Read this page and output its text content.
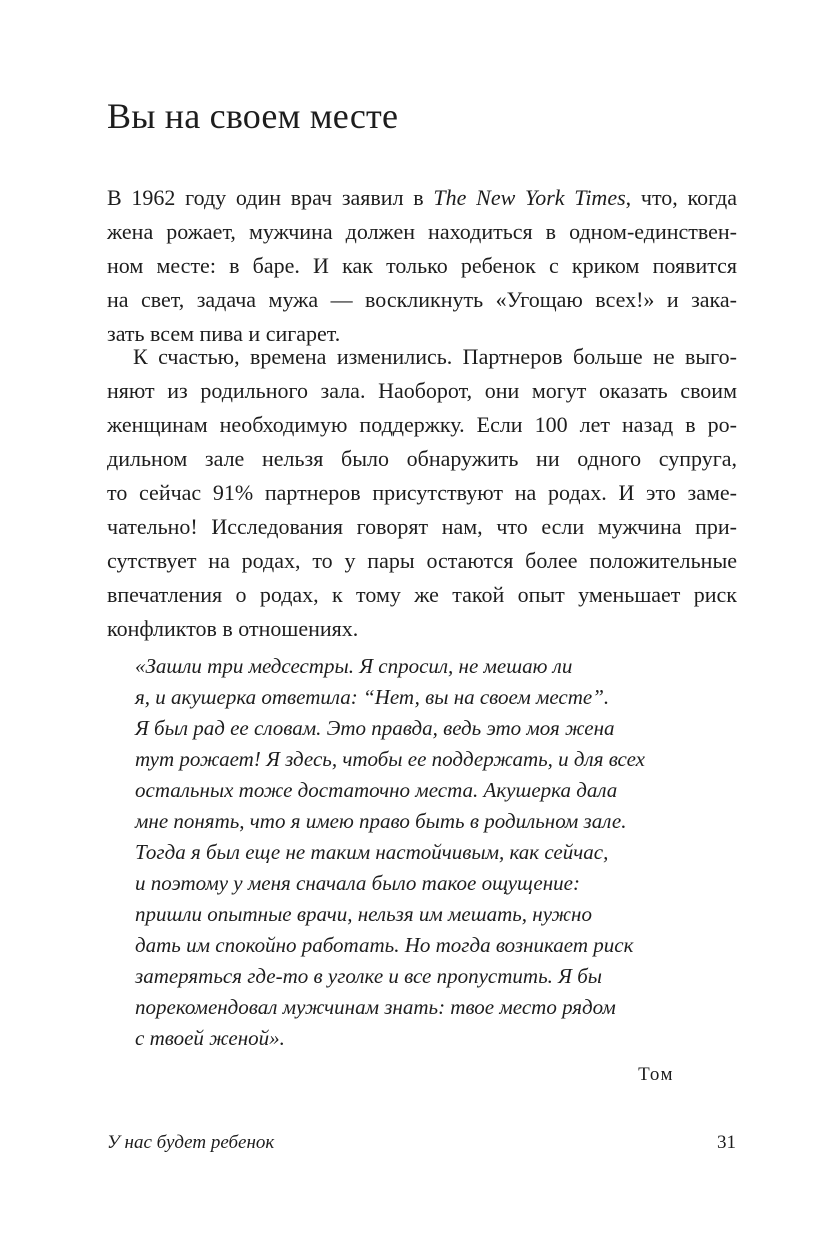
Вы на своем месте
В 1962 году один врач заявил в The New York Times, что, когда
жена рожает, мужчина должен находиться в одном-единствен-
ном месте: в баре. И как только ребенок с криком появится
на свет, задача мужа — воскликнуть «Угощаю всех!» и зака-
зать всем пива и сигарет.
К счастью, времена изменились. Партнеров больше не выго-
няют из родильного зала. Наоборот, они могут оказать своим
женщинам необходимую поддержку. Если 100 лет назад в ро-
дильном зале нельзя было обнаружить ни одного супруга,
то сейчас 91% партнеров присутствуют на родах. И это заме-
чательно! Исследования говорят нам, что если мужчина при-
сутствует на родах, то у пары остаются более положительные
впечатления о родах, к тому же такой опыт уменьшает риск
конфликтов в отношениях.
«Зашли три медсестры. Я спросил, не мешаю ли
я, и акушерка ответила: “Нет, вы на своем месте”.
Я был рад ее словам. Это правда, ведь это моя жена
тут рожает! Я здесь, чтобы ее поддержать, и для всех
остальных тоже достаточно места. Акушерка дала
мне понять, что я имею право быть в родильном зале.
Тогда я был еще не таким настойчивым, как сейчас,
и поэтому у меня сначала было такое ощущение:
пришли опытные врачи, нельзя им мешать, нужно
дать им спокойно работать. Но тогда возникает риск
затеряться где-то в уголке и все пропустить. Я бы
порекомендовал мужчинам знать: твое место рядом
с твоей женой».
Том
У нас будет ребенок	31
